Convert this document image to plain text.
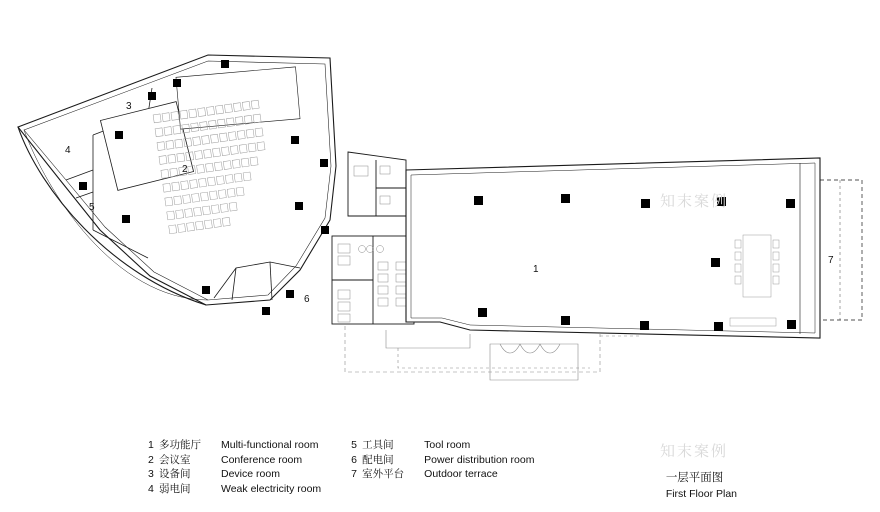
1
2
3
4
5
6
7
1 多功能厅	Multi-functional room
2 会议室	Conference room
3 设备间	Device room
4 弱电间	Weak electricity room
5 工具间	Tool room
6 配电间	Power distribution room
7 室外平台	Outdoor terrace	一层平面图
First Floor Plan
知末案例
知末案例
